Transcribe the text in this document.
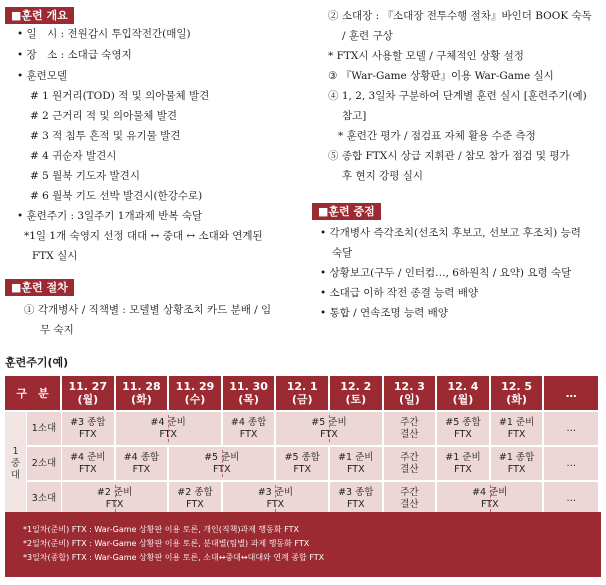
■훈련 개요
■훈련 중점
■훈련 절차
• 일　시 : 전원감시 투입작전간(매일)
• 장　소 : 소대급 숙영지
• 훈련모델
# 1 원거리(TOD) 적 및 의아물체 발견
# 2 근거리 적 및 의아물체 발견
# 3 적 침투 흔적 및 유기물 발견
# 4 귀순자 발견시
# 5 월북 기도자 발견시
# 6 월북 기도 선박 발견시(한강수로)
• 훈련주기 : 3일주기 1개과제 반복 숙달
*1일 1개 숙영지 선정 대대 ↔ 중대 ↔ 소대와 연계된
FTX 실시
① 각개병사 / 직책별 : 모델별 상황조치 카드 분배 / 임
무 숙지
② 소대장 : 『소대장 전투수행 절차』바인더 BOOK 숙독
/ 훈련 구상
* FTX시 사용할 모델 / 구체적인 상황 설정
③ 『War-Game 상황판』이용 War-Game 실시
④ 1, 2, 3일차 구분하여 단계별 훈련 실시 [훈련주기(예)
참고]
* 훈련간 평가 / 점검표 자체 활용 수준 측정
⑤ 종합 FTX시 상급 지휘관 / 참모 참가 점검 및 평가
후 현지 강평 실시
• 각개병사 즉각조치(선조치 후보고, 선보고 후조치) 능력
숙달
• 상황보고(구두 / 인터컴…, 6하원칙 / 요약) 요령 숙달
• 소대급 이하 작전 종결 능력 배양
• 통합 / 연속조명 능력 배양
훈련주기(예)
구　분	11. 27
(월)
11. 28
(화)
11. 29
(수)
11. 30
(목)
12. 1
(금)
12. 2
(토)
12. 3
(일)
12. 4
(월)
12. 5
(화)	…
1
중
대
1소대
#3 종합
FTX
#4 준비
FTX
#4 종합
FTX
#5 준비
FTX
주간
결산
#5 종합
FTX
#1 준비
FTX
…
2소대
#4 준비
FTX
#4 종합
FTX
#5 준비
FTX
#5 종합
FTX
#1 준비
FTX
주간
결산
#1 준비
FTX
#1 종합
FTX
…
3소대
#2 준비
FTX
#2 종합
FTX
#3 준비
FTX
#3 종합
FTX
주간
결산
#4 준비
FTX
…
*1일차(준비) FTX : War-Game 상황판 이용 토론, 개인(직책)과제 행동화 FTX
*2일차(준비) FTX : War-Game 상황판 이용 토론, 분대별(팀별) 과제 행동화 FTX
*3일차(종합) FTX : War-Game 상황판 이용 토론, 소대↔중대↔대대와 연계 종합 FTX
